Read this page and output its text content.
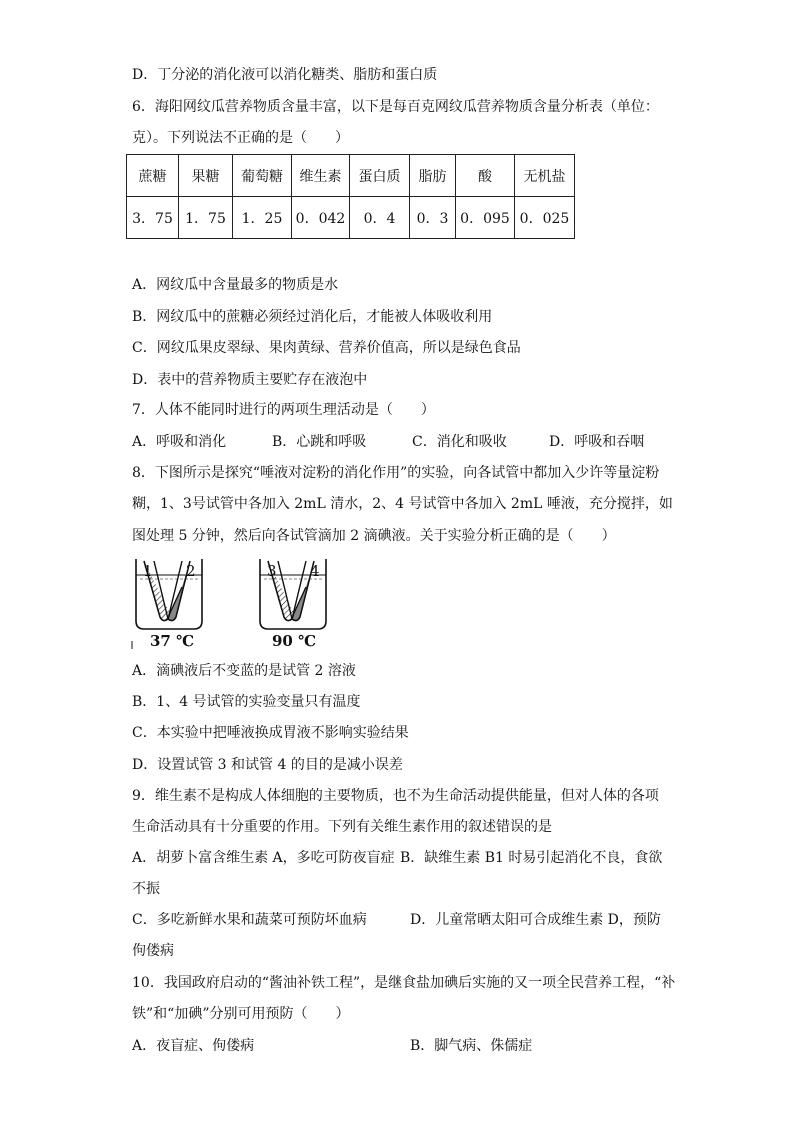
D．丁分泌的消化液可以消化糖类、脂肪和蛋白质
6．海阳网纹瓜营养物质含量丰富，以下是每百克网纹瓜营养物质含量分析表（单位：
克）。下列说法不正确的是（　　）
蔗糖	果糖	葡萄糖	维生素	蛋白质	脂肪	酸	无机盐
3．75	1．75	1．25	0．042	0．4	0．3	0．095	0．025
A．网纹瓜中含量最多的物质是水
B．网纹瓜中的蔗糖必须经过消化后，才能被人体吸收利用
C．网纹瓜果皮翠绿、果肉黄绿、营养价值高，所以是绿色食品
D．表中的营养物质主要贮存在液泡中
7．人体不能同时进行的两项生理活动是（　　）
A．呼吸和消化	B．心跳和呼吸	C．消化和吸收	D．呼吸和吞咽
8．下图所示是探究“唾液对淀粉的消化作用”的实验，向各试管中都加入少许等量淀粉
糊，1、3号试管中各加入 2mL 清水，2、4 号试管中各加入 2mL 唾液，充分搅拌，如
图处理 5 分钟，然后向各试管滴加 2 滴碘液。关于实验分析正确的是（　　）
1 2	3 4
37 ℃	90 ℃
A．滴碘液后不变蓝的是试管 2 溶液
B．1、4 号试管的实验变量只有温度
C．本实验中把唾液换成胃液不影响实验结果
D．设置试管 3 和试管 4 的目的是减小误差
9．维生素不是构成人体细胞的主要物质，也不为生命活动提供能量，但对人体的各项
生命活动具有十分重要的作用。下列有关维生素作用的叙述错误的是
A．胡萝卜富含维生素 A，多吃可防夜盲症 B．缺维生素 B1 时易引起消化不良，食欲
不振
C．多吃新鲜水果和蔬菜可预防坏血病	D．儿童常晒太阳可合成维生素 D，预防
佝偻病
10．我国政府启动的“酱油补铁工程”，是继食盐加碘后实施的又一项全民营养工程，“补
铁”和“加碘”分别可用预防（　　）
A．夜盲症、佝偻病	B．脚气病、侏儒症
